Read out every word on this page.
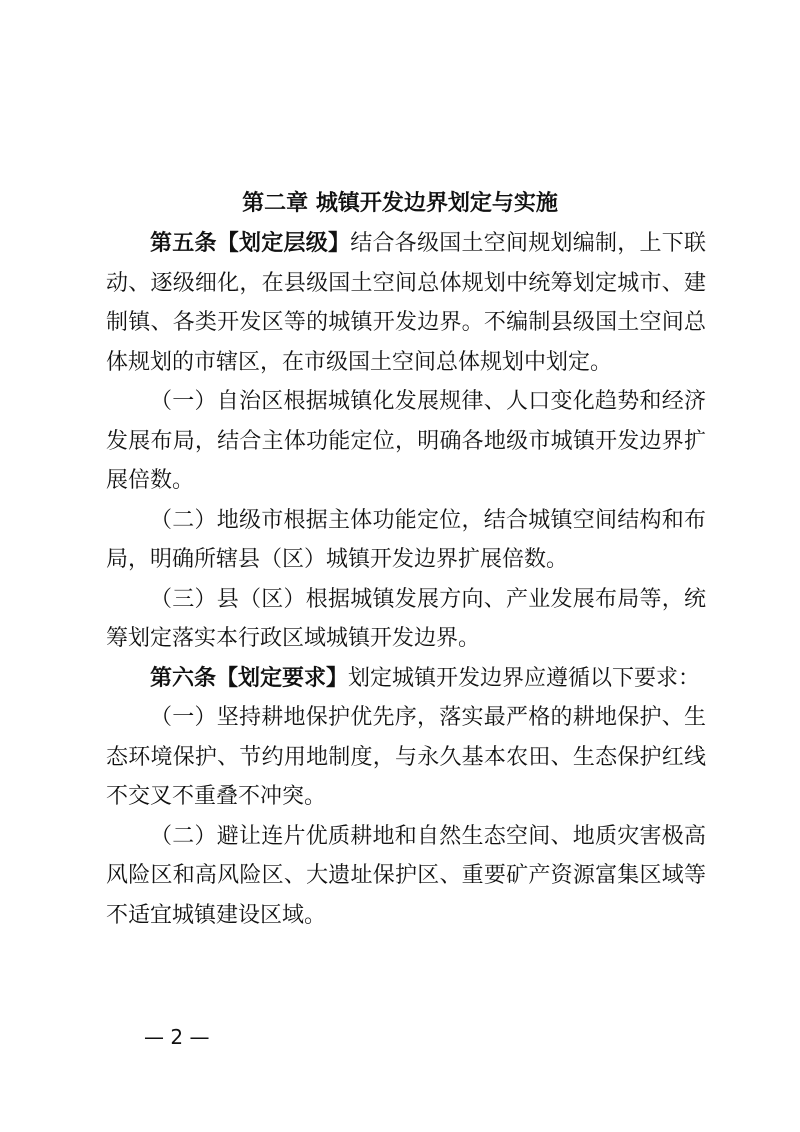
第二章 城镇开发边界划定与实施

第五条【划定层级】结合各级国土空间规划编制，上下联动、逐级细化，在县级国土空间总体规划中统筹划定城市、建制镇、各类开发区等的城镇开发边界。不编制县级国土空间总体规划的市辖区，在市级国土空间总体规划中划定。

（一）自治区根据城镇化发展规律、人口变化趋势和经济发展布局，结合主体功能定位，明确各地级市城镇开发边界扩展倍数。

（二）地级市根据主体功能定位，结合城镇空间结构和布局，明确所辖县（区）城镇开发边界扩展倍数。

（三）县（区）根据城镇发展方向、产业发展布局等，统筹划定落实本行政区域城镇开发边界。

第六条【划定要求】划定城镇开发边界应遵循以下要求：

（一）坚持耕地保护优先序，落实最严格的耕地保护、生态环境保护、节约用地制度，与永久基本农田、生态保护红线不交叉不重叠不冲突。

（二）避让连片优质耕地和自然生态空间、地质灾害极高风险区和高风险区、大遗址保护区、重要矿产资源富集区域等不适宜城镇建设区域。

— 2 —
